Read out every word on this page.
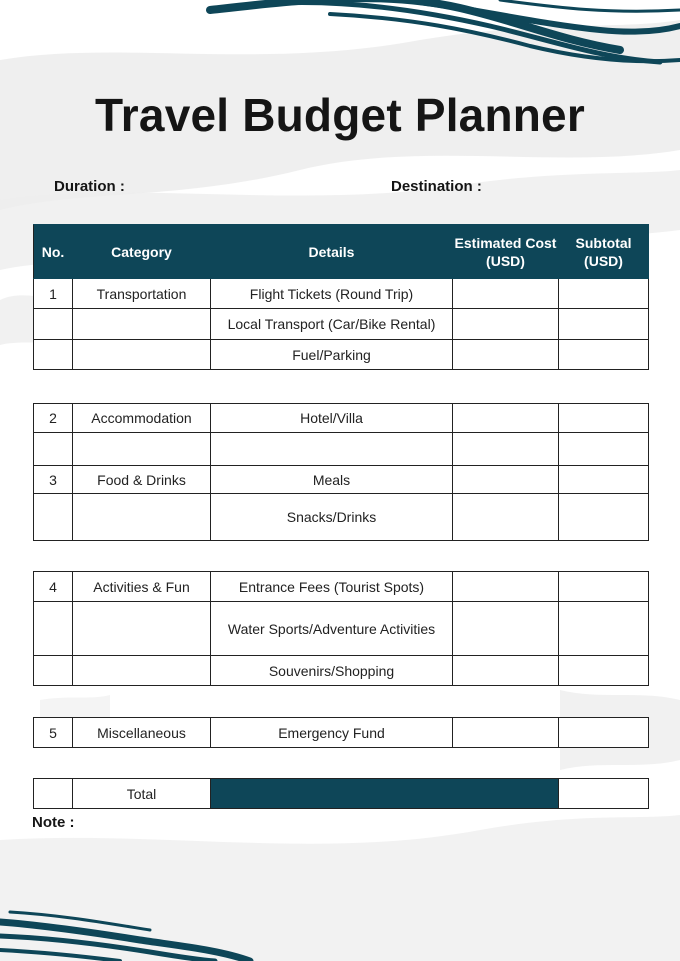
Travel Budget Planner
Duration :	Destination :
No.	Category	Details	Estimated Cost (USD)	Subtotal (USD)
1	Transportation	Flight Tickets (Round Trip)		
		Local Transport (Car/Bike Rental)		
		Fuel/Parking		
2	Accommodation	Hotel/Villa		

3	Food & Drinks	Meals		
		Snacks/Drinks		
4	Activities & Fun	Entrance Fees (Tourist Spots)		
		Water Sports/Adventure Activities		
		Souvenirs/Shopping		
5	Miscellaneous	Emergency Fund		
	Total		
Note :
